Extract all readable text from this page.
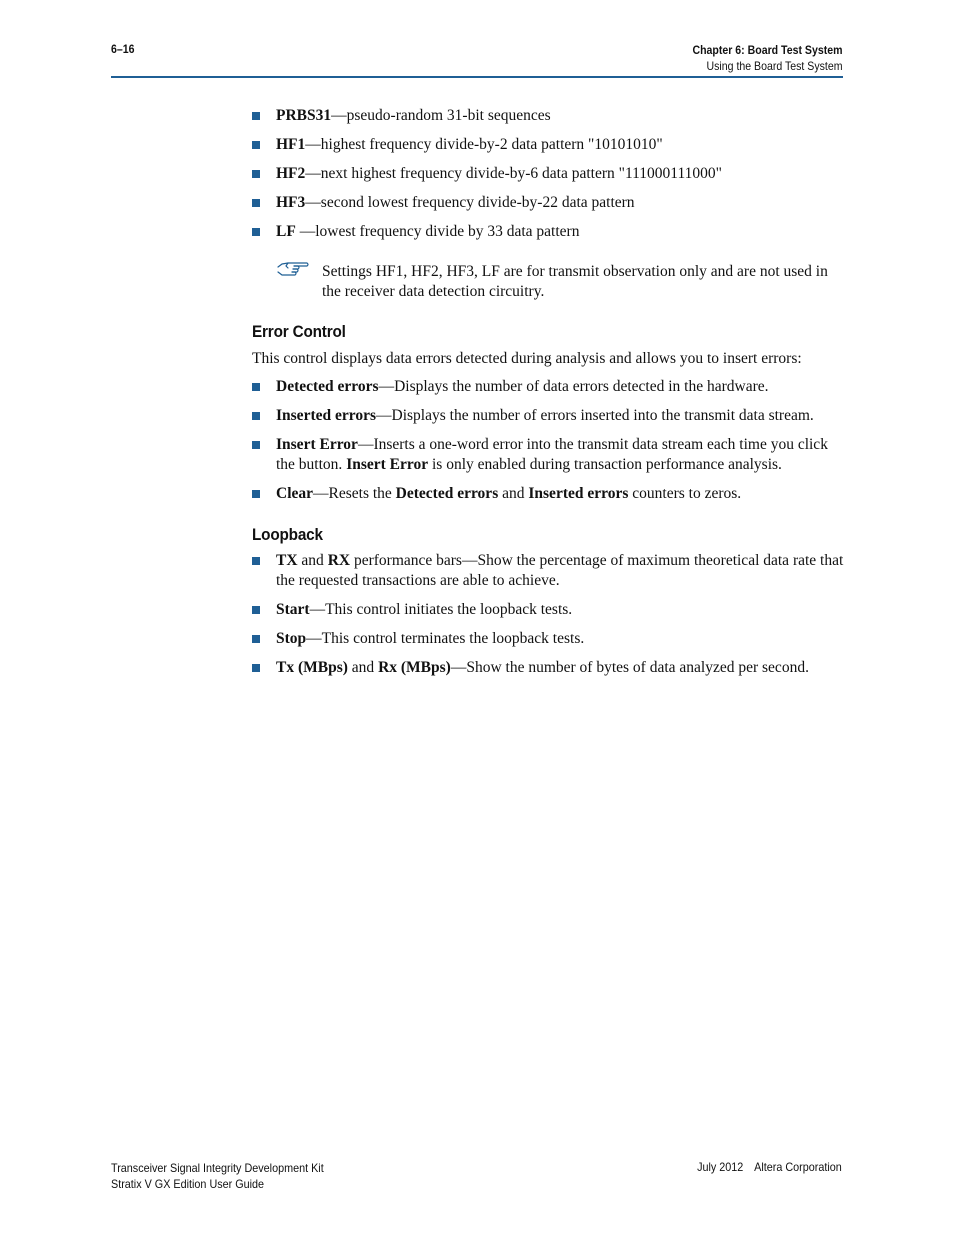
6–16	Chapter 6: Board Test System
Using the Board Test System
PRBS31—pseudo-random 31-bit sequences
HF1—highest frequency divide-by-2 data pattern "10101010"
HF2—next highest frequency divide-by-6 data pattern "111000111000"
HF3—second lowest frequency divide-by-22 data pattern
LF —lowest frequency divide by 33 data pattern
Settings HF1, HF2, HF3, LF are for transmit observation only and are not used in the receiver data detection circuitry.
Error Control

This control displays data errors detected during analysis and allows you to insert errors:

Detected errors—Displays the number of data errors detected in the hardware.
Inserted errors—Displays the number of errors inserted into the transmit data stream.
Insert Error—Inserts a one-word error into the transmit data stream each time you click the button. Insert Error is only enabled during transaction performance analysis.
Clear—Resets the Detected errors and Inserted errors counters to zeros.
Loopback
TX and RX performance bars—Show the percentage of maximum theoretical data rate that the requested transactions are able to achieve.
Start—This control initiates the loopback tests.
Stop—This control terminates the loopback tests.
Tx (MBps) and Rx (MBps)—Show the number of bytes of data analyzed per second.
Transceiver Signal Integrity Development Kit
Stratix V GX Edition User Guide
July 2012 Altera Corporation
